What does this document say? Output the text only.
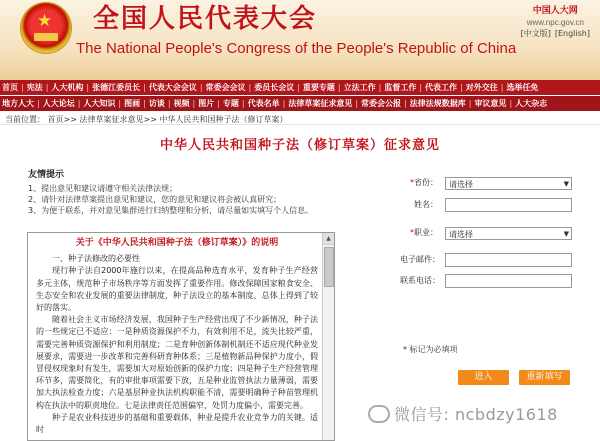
★ 全国人民代表大会
The National People's Congress of the People's Republic of China
中国人大网
www.npc.gov.cn
[中文版] [English]
首页 | 宪法 | 人大机构 | 张德江委员长 | 代表大会会议 | 常委会会议 | 委员长会议 | 重要专题 | 立法工作 | 监督工作 | 代表工作 | 对外交往 | 选举任免
地方人大 | 人大论坛 | 人大知识 | 图画 | 访谈 | 视频 | 图片 | 专题 | 代表名单 | 法律草案征求意见 | 常委会公报 | 法律法规数据库 | 审议意见 | 人大杂志
当前位置： 首页>> 法律草案征求意见>> 中华人民共和国种子法（修订草案）
中华人民共和国种子法（修订草案）征求意见
友情提示
1、提出意见和建议请遵守相关法律法规；
2、请针对法律草案提出意见和建议，您的意见和建议将会被认真研究；
3、为便于联系，并对意见集群进行归纳整理和分析，请尽量如实填写个人信息。
关于《中华人民共和国种子法（修订草案）》的说明
一、种子法修改的必要性
现行种子法自2000年施行以来，在提高品种选育水平，发育种子生产经营多元主体，规范种子市场秩序等方面发挥了重要作用。修改保障国家粮食安全、生态安全和农业发展的重要法律制度，种子法设立的基本制度，总体上得到了较好的落实。
随着社会主义市场经济发展，我国种子生产经营出现了不少新情况，种子法的一些规定已不适应：一是种质资源保护不力，有效利用不足，流失比较严重，需要完善种质资源保护和利用制度；二是育种创新体制机制还不适应现代种业发展要求，需要进一步改革和完善科研育种体系；三是植物新品种保护力度小，假冒侵权现象时有发生，需要加大对原始创新的保护力度；四是种子生产经营管理环节多，需要简化，有的审批事项需要下放，五是种业监管执法力量薄弱，需要加大执法检查力度；六是基层种业执法机构职能不清，需要明确种子种苗管理机构在执法中的职责地位。七是法律责任范围偏窄，处罚力度偏小，需要完善。
种子是农业科技进步的基础和重要载体，种业是提升农业竞争力的关键。适时
▲
*省份：	请选择	▼
姓名：
*职业：	请选择	▼
电子邮件：
联系电话：
* 标记为必填项
进入	重新填写
微信号: ncbdzy1618
